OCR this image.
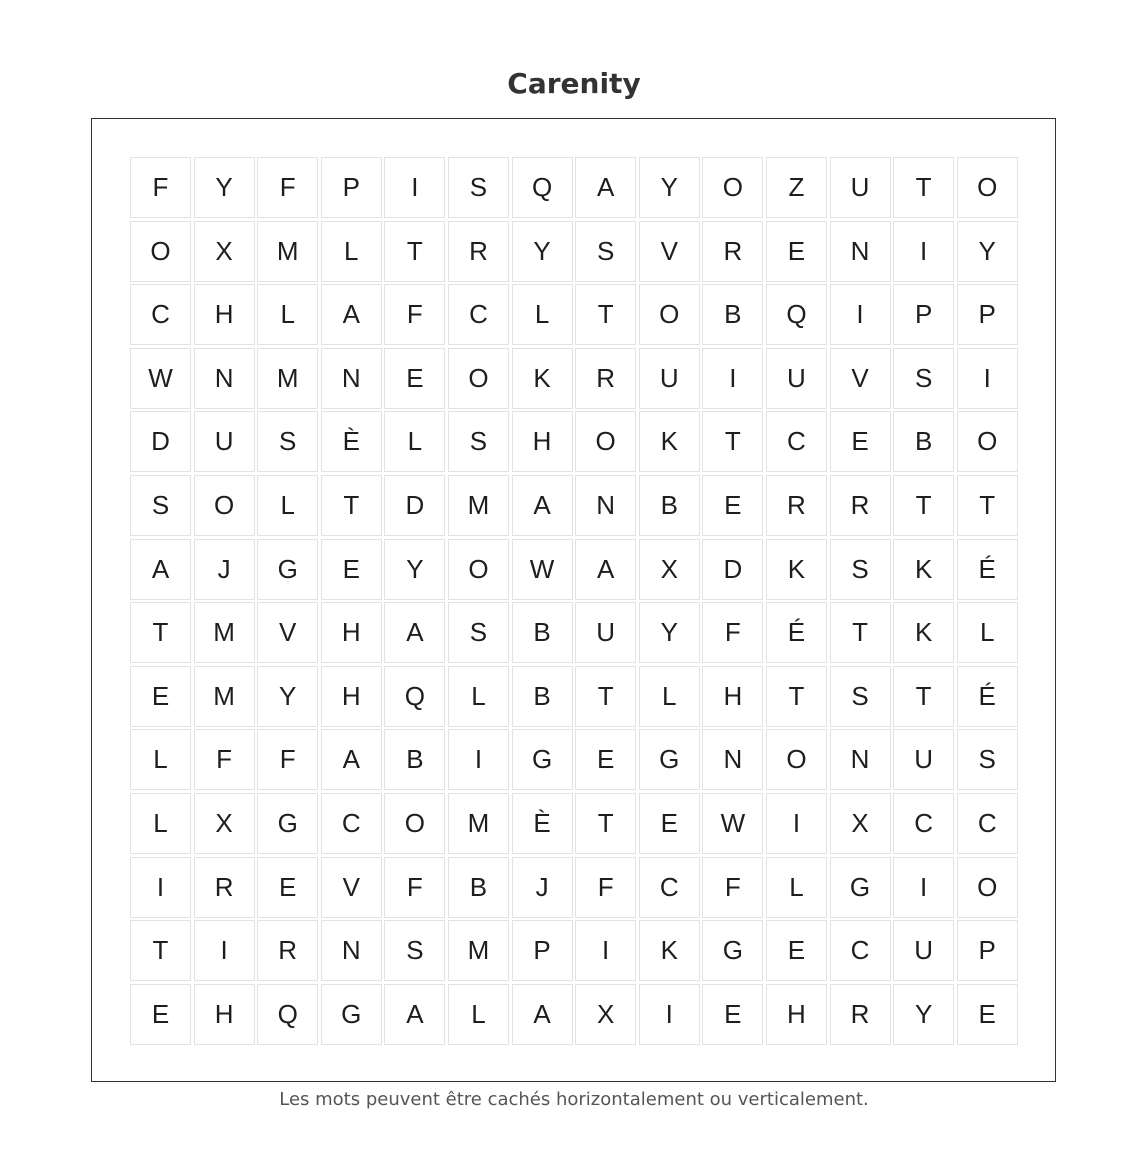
Carenity
F	Y	F	P	I	S	Q	A	Y	O	Z	U	T	O
O	X	M	L	T	R	Y	S	V	R	E	N	I	Y
C	H	L	A	F	C	L	T	O	B	Q	I	P	P
W	N	M	N	E	O	K	R	U	I	U	V	S	I
D	U	S	È	L	S	H	O	K	T	C	E	B	O
S	O	L	T	D	M	A	N	B	E	R	R	T	T
A	J	G	E	Y	O	W	A	X	D	K	S	K	É
T	M	V	H	A	S	B	U	Y	F	É	T	K	L
E	M	Y	H	Q	L	B	T	L	H	T	S	T	É
L	F	F	A	B	I	G	E	G	N	O	N	U	S
L	X	G	C	O	M	È	T	E	W	I	X	C	C
I	R	E	V	F	B	J	F	C	F	L	G	I	O
T	I	R	N	S	M	P	I	K	G	E	C	U	P
E	H	Q	G	A	L	A	X	I	E	H	R	Y	E
Les mots peuvent être cachés horizontalement ou verticalement.
